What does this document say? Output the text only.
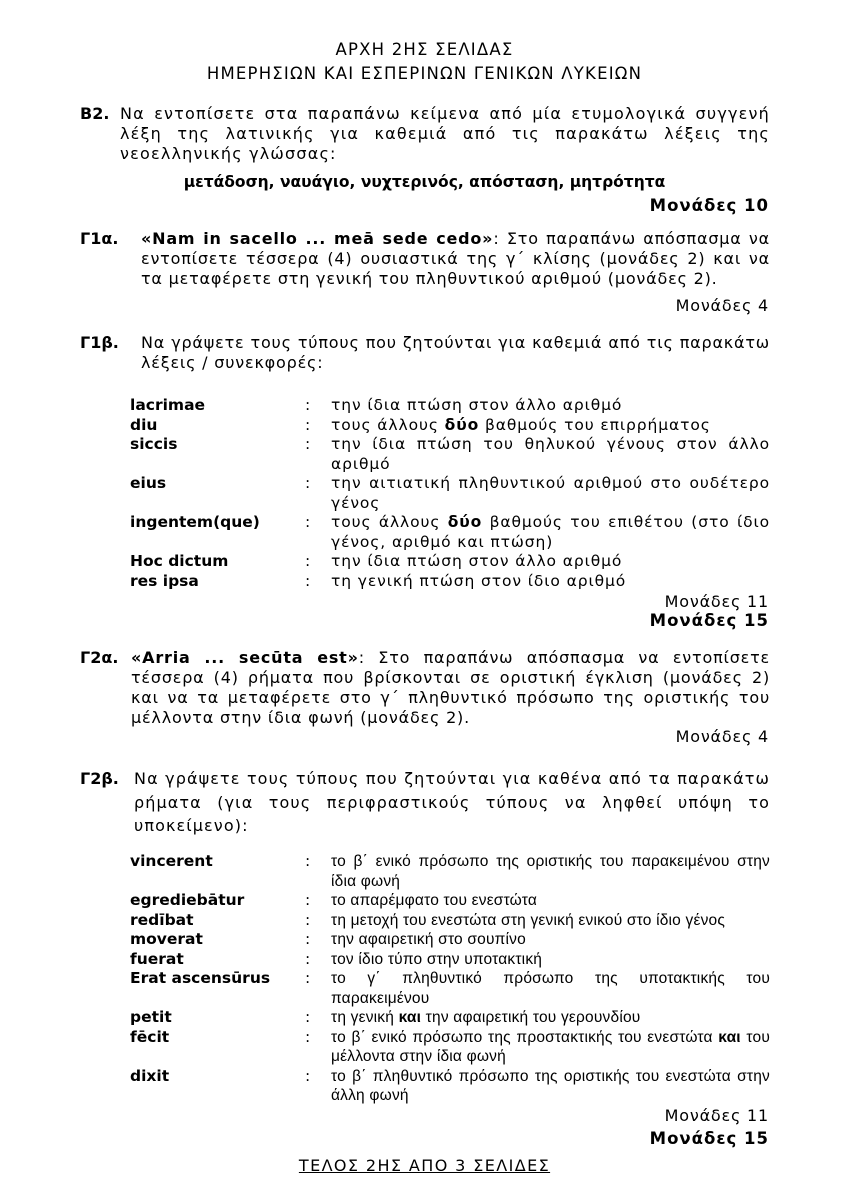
ΑΡΧΗ 2ΗΣ ΣΕΛΙΔΑΣ
ΗΜΕΡΗΣΙΩΝ ΚΑΙ ΕΣΠΕΡΙΝΩΝ ΓΕΝΙΚΩΝ ΛΥΚΕΙΩΝ
Β2. Να εντοπίσετε στα παραπάνω κείμενα από μία ετυμολογικά συγγενή λέξη της λατινικής για καθεμιά από τις παρακάτω λέξεις της νεοελληνικής γλώσσας:
μετάδοση, ναυάγιο, νυχτερινός, απόσταση, μητρότητα
Μονάδες 10
Γ1α. «Nam in sacello ... meā sede cedo»: Στο παραπάνω απόσπασμα να εντοπίσετε τέσσερα (4) ουσιαστικά της γ΄ κλίσης (μονάδες 2) και να τα μεταφέρετε στη γενική του πληθυντικού αριθμού (μονάδες 2).
Μονάδες 4
Γ1β. Να γράψετε τους τύπους που ζητούνται για καθεμιά από τις παρακάτω λέξεις / συνεκφορές:
lacrimae	: την ίδια πτώση στον άλλο αριθμό
diu	: τους άλλους δύο βαθμούς του επιρρήματος
siccis	: την ίδια πτώση του θηλυκού γένους στον άλλο αριθμό
eius	: την αιτιατική πληθυντικού αριθμού στο ουδέτερο γένος
ingentem(que)	: τους άλλους δύο βαθμούς του επιθέτου (στο ίδιο γένος, αριθμό και πτώση)
Hoc dictum	: την ίδια πτώση στον άλλο αριθμό
res ipsa	: τη γενική πτώση στον ίδιο αριθμό
Μονάδες 11
Μονάδες 15
Γ2α. «Arria ... secūta est»: Στο παραπάνω απόσπασμα να εντοπίσετε τέσσερα (4) ρήματα που βρίσκονται σε οριστική έγκλιση (μονάδες 2) και να τα μεταφέρετε στο γ΄ πληθυντικό πρόσωπο της οριστικής του μέλλοντα στην ίδια φωνή (μονάδες 2).
Μονάδες 4
Γ2β. Να γράψετε τους τύπους που ζητούνται για καθένα από τα παρακάτω ρήματα (για τους περιφραστικούς τύπους να ληφθεί υπόψη το υποκείμενο):
vincerent	: το β΄ ενικό πρόσωπο της οριστικής του παρακειμένου στην ίδια φωνή
egrediebātur	: το απαρέμφατο του ενεστώτα
redībat	: τη μετοχή του ενεστώτα στη γενική ενικού στο ίδιο γένος
moverat	: την αφαιρετική στο σουπίνο
fuerat	: τον ίδιο τύπο στην υποτακτική
Erat ascensūrus : το γ΄ πληθυντικό πρόσωπο της υποτακτικής του παρακειμένου
petit	: τη γενική και την αφαιρετική του γερουνδίου
fēcit	: το β΄ ενικό πρόσωπο της προστακτικής του ενεστώτα και του μέλλοντα στην ίδια φωνή
dixit	: το β΄ πληθυντικό πρόσωπο της οριστικής του ενεστώτα στην άλλη φωνή
Μονάδες 11
Μονάδες 15
ΤΕΛΟΣ 2ΗΣ ΑΠΟ 3 ΣΕΛΙΔΕΣ
